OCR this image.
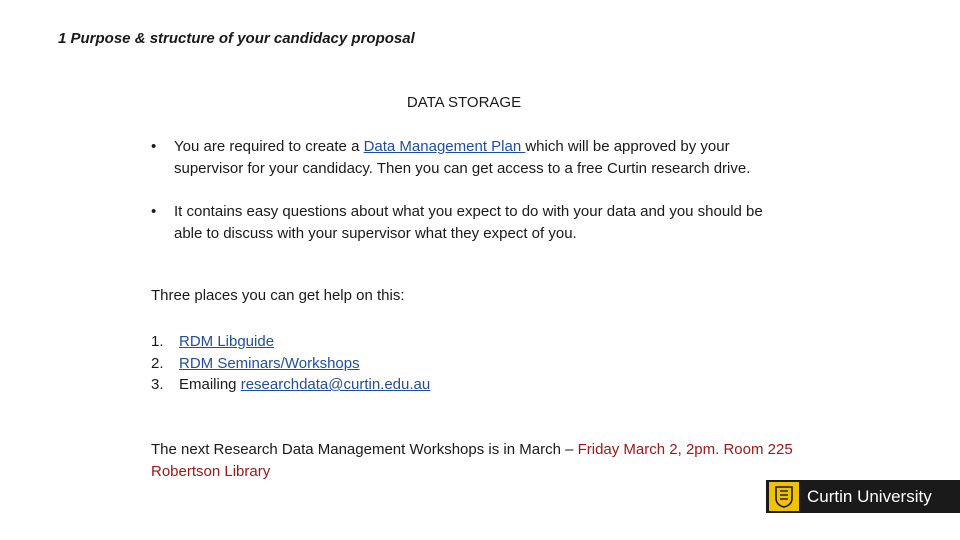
1 Purpose & structure of your candidacy proposal
DATA STORAGE
•	You are required to create a Data Management Plan which will be approved by your supervisor for your candidacy. Then you can get access to a free Curtin research drive.
•	It contains easy questions about what you expect to do with your data and you should be able to discuss with your supervisor what they expect of you.
Three places you can get help on this:
1. RDM Libguide
2. RDM Seminars/Workshops
3. Emailing researchdata@curtin.edu.au
The next Research Data Management Workshops is in March – Friday March 2, 2pm. Room 225 Robertson Library
Curtin University
